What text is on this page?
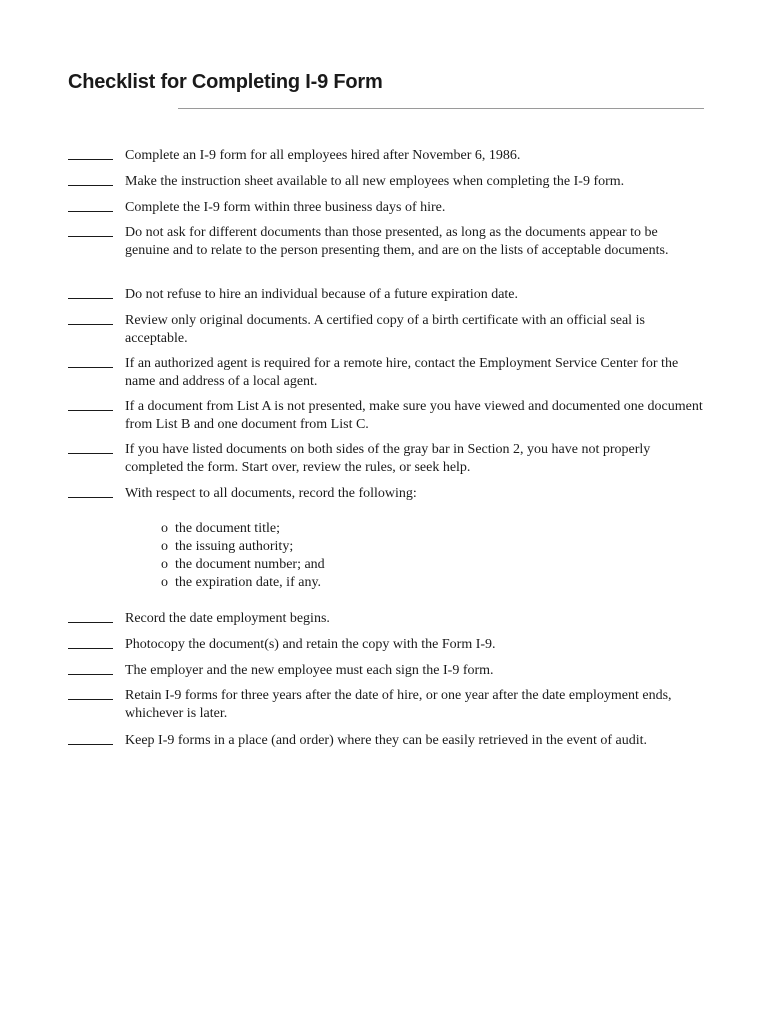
Checklist for Completing I-9 Form
Complete an I-9 form for all employees hired after November 6, 1986.
Make the instruction sheet available to all new employees when completing the I-9 form.
Complete the I-9 form within three business days of hire.
Do not ask for different documents than those presented, as long as the documents appear to be genuine and to relate to the person presenting them, and are on the lists of acceptable documents.
Do not refuse to hire an individual because of a future expiration date.
Review only original documents. A certified copy of a birth certificate with an official seal is acceptable.
If an authorized agent is required for a remote hire, contact the Employment Service Center for the name and address of a local agent.
If a document from List A is not presented, make sure you have viewed and documented one document from List B and one document from List C.
If you have listed documents on both sides of the gray bar in Section 2, you have not properly completed the form. Start over, review the rules, or seek help.
With respect to all documents, record the following:
Record the date employment begins.
Photocopy the document(s) and retain the copy with the Form I-9.
The employer and the new employee must each sign the I-9 form.
Retain I-9 forms for three years after the date of hire, or one year after the date employment ends, whichever is later.
Keep I-9 forms in a place (and order) where they can be easily retrieved in the event of audit.
o the document title;
o the issuing authority;
o the document number; and
o the expiration date, if any.
